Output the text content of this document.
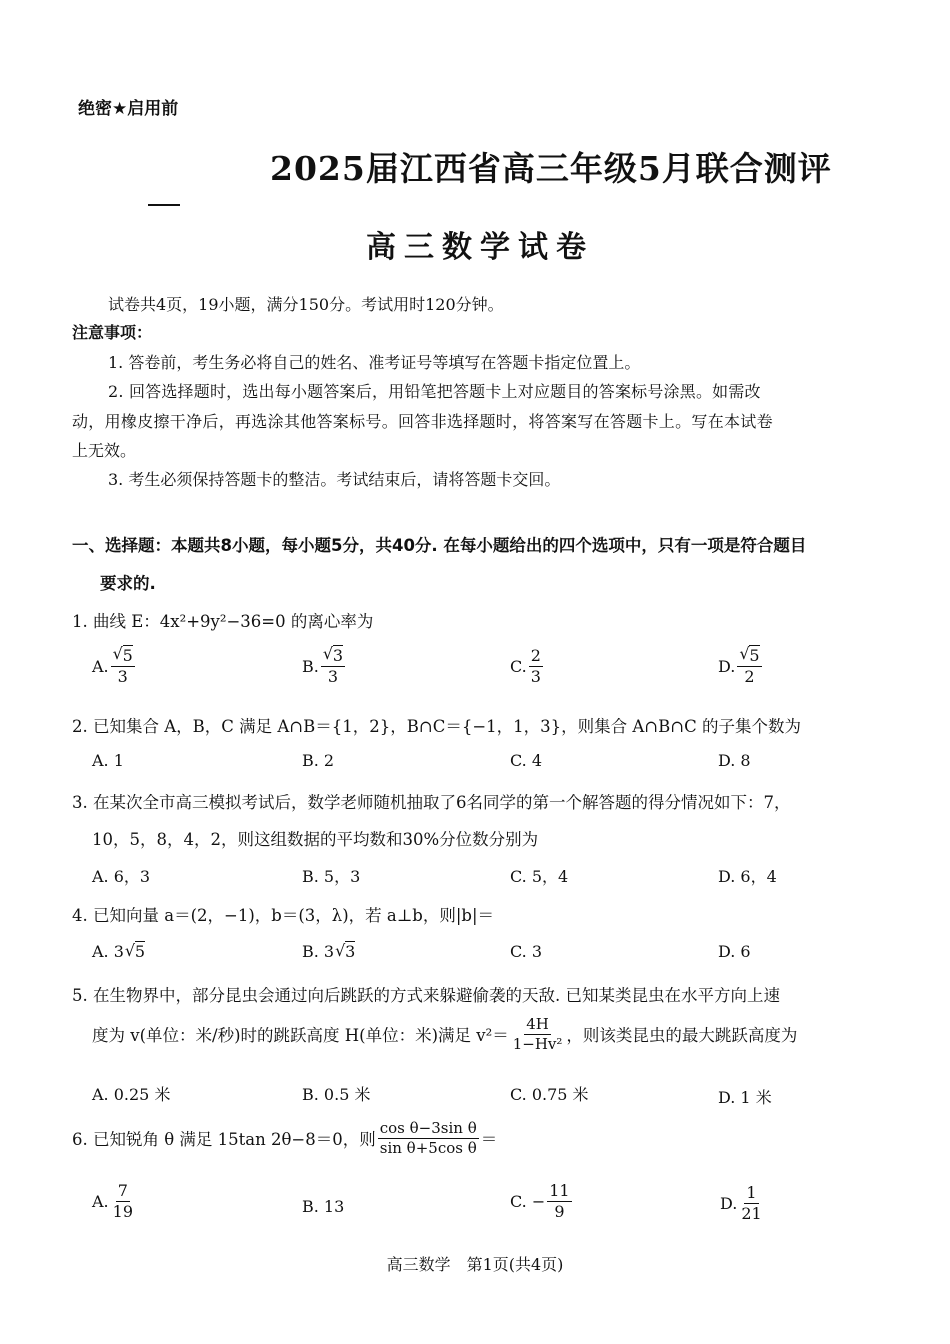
绝密★启用前
2025届江西省高三年级5月联合测评
高三数学试卷
试卷共4页，19小题，满分150分。考试用时120分钟。
注意事项：
1. 答卷前，考生务必将自己的姓名、准考证号等填写在答题卡指定位置上。
2. 回答选择题时，选出每小题答案后，用铅笔把答题卡上对应题目的答案标号涂黑。如需改
动，用橡皮擦干净后，再选涂其他答案标号。回答非选择题时，将答案写在答题卡上。写在本试卷
上无效。
3. 考生必须保持答题卡的整洁。考试结束后，请将答题卡交回。
一、选择题：本题共8小题，每小题5分，共40分. 在每小题给出的四个选项中，只有一项是符合题目
要求的.
1. 曲线 E：4x²+9y²−36=0 的离心率为
A. √ $\frac{5}{3}$	B. √ $\frac{3}{3}$	C. $\frac{2}{3}$	D. √ $\frac{5}{2}$
2. 已知集合 A，B，C 满足 A∩B＝{1，2}，B∩C＝{−1，1，3}，则集合 A∩B∩C 的子集个数为
A. 1	B. 2	C. 4	D. 8
3. 在某次全市高三模拟考试后，数学老师随机抽取了6名同学的第一个解答题的得分情况如下：7，
10，5，8，4，2，则这组数据的平均数和30%分位数分别为
A. 6，3	B. 5，3	C. 5，4	D. 6，4
4. 已知向量 a＝(2，−1)，b＝(3，λ)，若 a⊥b，则|b|＝
A. 3 √ 5	B. 3 √ 3	C. 3	D. 6
5. 在生物界中，部分昆虫会通过向后跳跃的方式来躲避偷袭的天敌. 已知某类昆虫在水平方向上速
度为 v(单位：米/秒)时的跳跃高度 H(单位：米)满足 $v^2= \frac{4H}{\text{1−Hv²}}$ ，则该类昆虫的最大跳跃高度为
A. 0.25 米	B. 0.5 米	C. 0.75 米	D. 1 米
6. 已知锐角 θ 满足 15tan 2θ−8＝0，则 $\frac{\text{cos θ−3sin θ}}{\text{sin θ+5cos θ}}$ ＝
A. $\frac{7}{19}$	B. 13	C. − $\frac{11}{9}$	D. $\frac{1}{21}$
高三数学　第1页(共4页)
